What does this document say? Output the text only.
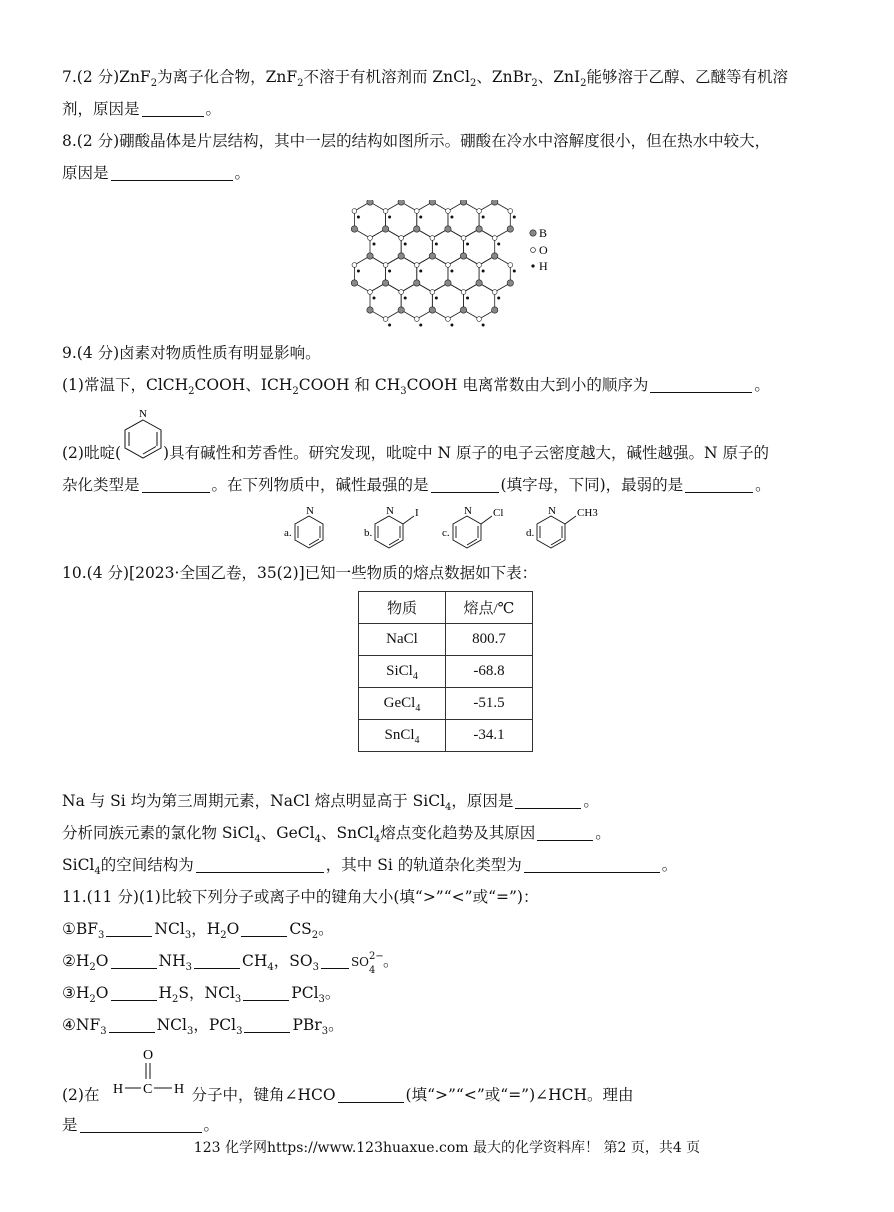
7.(2 分)ZnF$_2$为离子化合物，ZnF$_2$不溶于有机溶剂而 ZnCl$_2$、ZnBr$_2$、ZnI$_2$能够溶于乙醇、乙醚等有机溶
剂，原因是	。
8.(2 分)硼酸晶体是片层结构，其中一层的结构如图所示。硼酸在冷水中溶解度很小，但在热水中较大，
原因是	。
B
O
H
9.(4 分)卤素对物质性质有明显影响。
(1)常温下，ClCH$_2$COOH、$ICH_2COOH$ 和 $CH_3COOH$ 电离常数由大到小的顺序为	。
(2)吡啶(	)具有碱性和芳香性。研究发现，吡啶中 N 原子的电子云密度越大，碱性越强。N 原子的
N
杂化类型是	。在下列物质中，碱性最强的是	(填字母，下同)，最弱的是	。
a.
N
b.
N I
c.
N Cl
d.
N CH3
10.(4 分)[2023·全国乙卷，35(2)]已知一些物质的熔点数据如下表：
物质	熔点/℃
NaCl	800.7
SiCl$_4$	-68.8
GeCl$_4$	-51.5
SnCl$_4$	-34.1
Na 与 Si 均为第三周期元素，NaCl 熔点明显高于 SiCl$_4$，原因是	。
分析同族元素的氯化物 SiCl$_4$、GeCl$_4$、SnCl$_4$熔点变化趋势及其原因	。
SiCl$_4$的空间结构为	，其中 Si 的轨道杂化类型为	。
11.(11 分)(1)比较下列分子或离子中的键角大小(填“>”“<”或“=”)：
$①BF_3$	NCl$_3$，$H_2O$	$CS_2$。
$②H_2O$	$NH_3$	$CH_4$，$SO_3$	SO 2−
4
。
$③H_2O$	$H_2S$，NCl$_3$	PCl$_3$。
$④NF_3$	NCl$_3$，PCl$_3$	PBr$_3$。
O
C
H	H
(2)在	分子中，键角∠HCO	(填“>”“<”或“=”)∠HCH。理由
是	。
123 化学网https://www.123huaxue.com 最大的化学资料库！ 第2 页，共4 页
